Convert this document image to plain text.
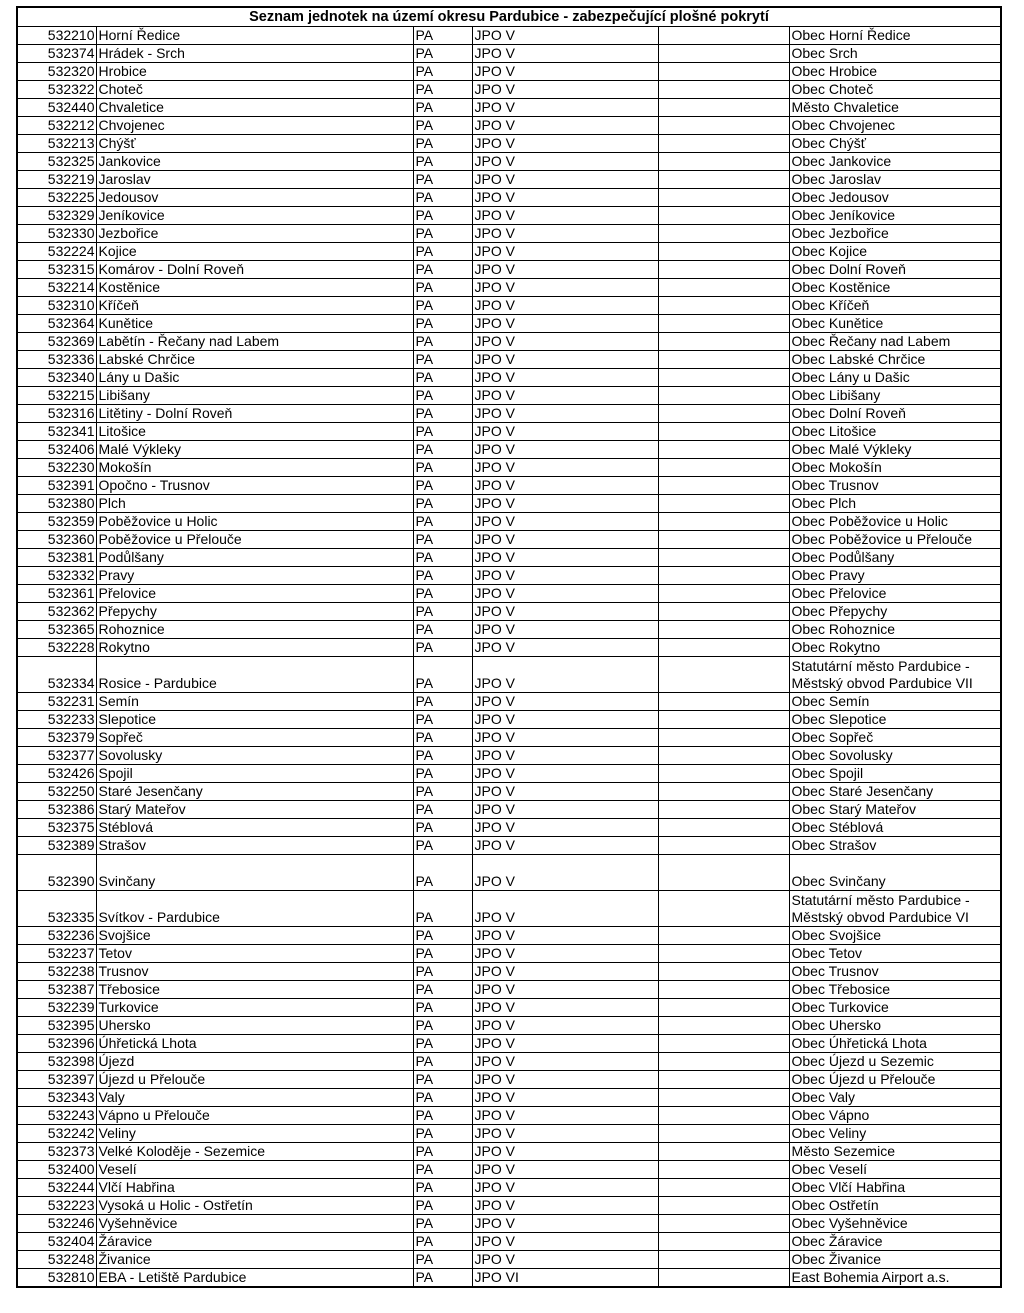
Seznam jednotek na území okresu Pardubice - zabezpečující plošné pokrytí					
532210	Horní Ředice	PA	JPO V		Obec Horní Ředice
532374	Hrádek - Srch	PA	JPO V		Obec Srch
532320	Hrobice	PA	JPO V		Obec Hrobice
532322	Choteč	PA	JPO V		Obec Choteč
532440	Chvaletice	PA	JPO V		Město Chvaletice
532212	Chvojenec	PA	JPO V		Obec Chvojenec
532213	Chýšť	PA	JPO V		Obec Chýšť
532325	Jankovice	PA	JPO V		Obec Jankovice
532219	Jaroslav	PA	JPO V		Obec Jaroslav
532225	Jedousov	PA	JPO V		Obec Jedousov
532329	Jeníkovice	PA	JPO V		Obec Jeníkovice
532330	Jezbořice	PA	JPO V		Obec Jezbořice
532224	Kojice	PA	JPO V		Obec Kojice
532315	Komárov - Dolní Roveň	PA	JPO V		Obec Dolní Roveň
532214	Kostěnice	PA	JPO V		Obec Kostěnice
532310	Kříčeň	PA	JPO V		Obec Kříčeň
532364	Kunětice	PA	JPO V		Obec Kunětice
532369	Labětín - Řečany nad Labem	PA	JPO V		Obec Řečany nad Labem
532336	Labské Chrčice	PA	JPO V		Obec Labské Chrčice
532340	Lány u Dašic	PA	JPO V		Obec Lány u Dašic
532215	Libišany	PA	JPO V		Obec Libišany
532316	Litětiny - Dolní Roveň	PA	JPO V		Obec Dolní Roveň
532341	Litošice	PA	JPO V		Obec Litošice
532406	Malé Výkleky	PA	JPO V		Obec Malé Výkleky
532230	Mokošín	PA	JPO V		Obec Mokošín
532391	Opočno - Trusnov	PA	JPO V		Obec Trusnov
532380	Plch	PA	JPO V		Obec Plch
532359	Poběžovice u Holic	PA	JPO V		Obec Poběžovice u Holic
532360	Poběžovice u Přelouče	PA	JPO V		Obec Poběžovice u Přelouče
532381	Podůlšany	PA	JPO V		Obec Podůlšany
532332	Pravy	PA	JPO V		Obec Pravy
532361	Přelovice	PA	JPO V		Obec Přelovice
532362	Přepychy	PA	JPO V		Obec Přepychy
532365	Rohoznice	PA	JPO V		Obec Rohoznice
532228	Rokytno	PA	JPO V		Obec Rokytno
532334	Rosice - Pardubice	PA	JPO V		Statutární město Pardubice - Městský obvod Pardubice VII
532231	Semín	PA	JPO V		Obec Semín
532233	Slepotice	PA	JPO V		Obec Slepotice
532379	Sopřeč	PA	JPO V		Obec Sopřeč
532377	Sovolusky	PA	JPO V		Obec Sovolusky
532426	Spojil	PA	JPO V		Obec Spojil
532250	Staré Jesenčany	PA	JPO V		Obec Staré Jesenčany
532386	Starý Mateřov	PA	JPO V		Obec Starý Mateřov
532375	Stéblová	PA	JPO V		Obec Stéblová
532389	Strašov	PA	JPO V		Obec Strašov
532390	Svinčany	PA	JPO V		Obec Svinčany
532335	Svítkov - Pardubice	PA	JPO V		Statutární město Pardubice - Městský obvod Pardubice VI
532236	Svojšice	PA	JPO V		Obec Svojšice
532237	Tetov	PA	JPO V		Obec Tetov
532238	Trusnov	PA	JPO V		Obec Trusnov
532387	Třebosice	PA	JPO V		Obec Třebosice
532239	Turkovice	PA	JPO V		Obec Turkovice
532395	Uhersko	PA	JPO V		Obec Uhersko
532396	Úhřetická Lhota	PA	JPO V		Obec Úhřetická Lhota
532398	Újezd	PA	JPO V		Obec Újezd u Sezemic
532397	Újezd u Přelouče	PA	JPO V		Obec Újezd u Přelouče
532343	Valy	PA	JPO V		Obec Valy
532243	Vápno u Přelouče	PA	JPO V		Obec Vápno
532242	Veliny	PA	JPO V		Obec Veliny
532373	Velké Koloděje - Sezemice	PA	JPO V		Město Sezemice
532400	Veselí	PA	JPO V		Obec Veselí
532244	Vlčí Habřina	PA	JPO V		Obec Vlčí Habřina
532223	Vysoká u Holic - Ostřetín	PA	JPO V		Obec Ostřetín
532246	Vyšehněvice	PA	JPO V		Obec Vyšehněvice
532404	Žáravice	PA	JPO V		Obec Žáravice
532248	Živanice	PA	JPO V		Obec Živanice
532810	EBA - Letiště Pardubice	PA	JPO VI		East Bohemia Airport a.s.
